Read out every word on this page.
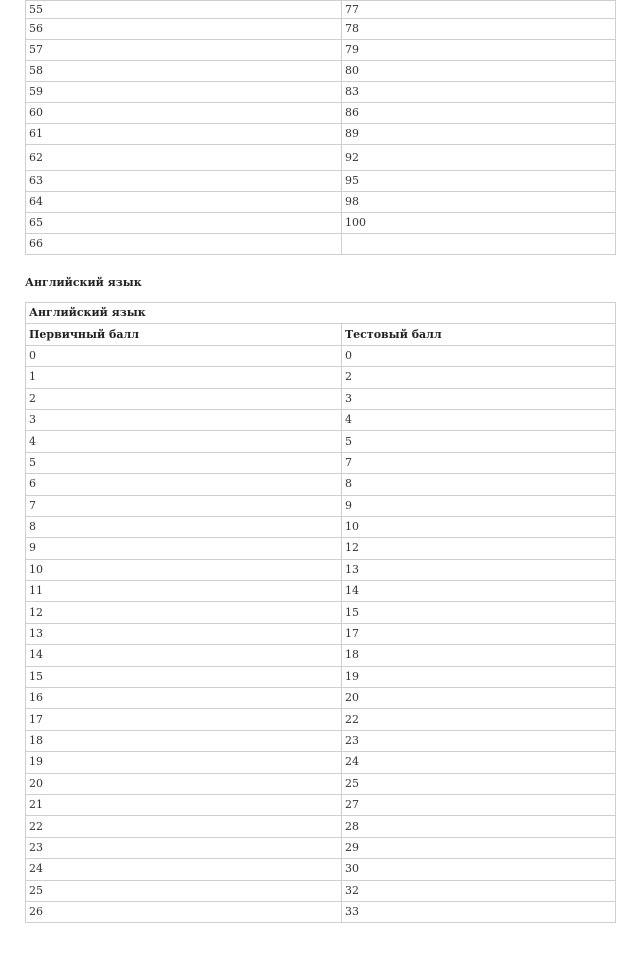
55	77
56	78
57	79
58	80
59	83
60	86
61	89
62	92
63	95
64	98
65	100
66	

Английский язык

Английский язык	
Первичный балл	Тестовый балл
0	0
1	2
2	3
3	4
4	5
5	7
6	8
7	9
8	10
9	12
10	13
11	14
12	15
13	17
14	18
15	19
16	20
17	22
18	23
19	24
20	25
21	27
22	28
23	29
24	30
25	32
26	33
